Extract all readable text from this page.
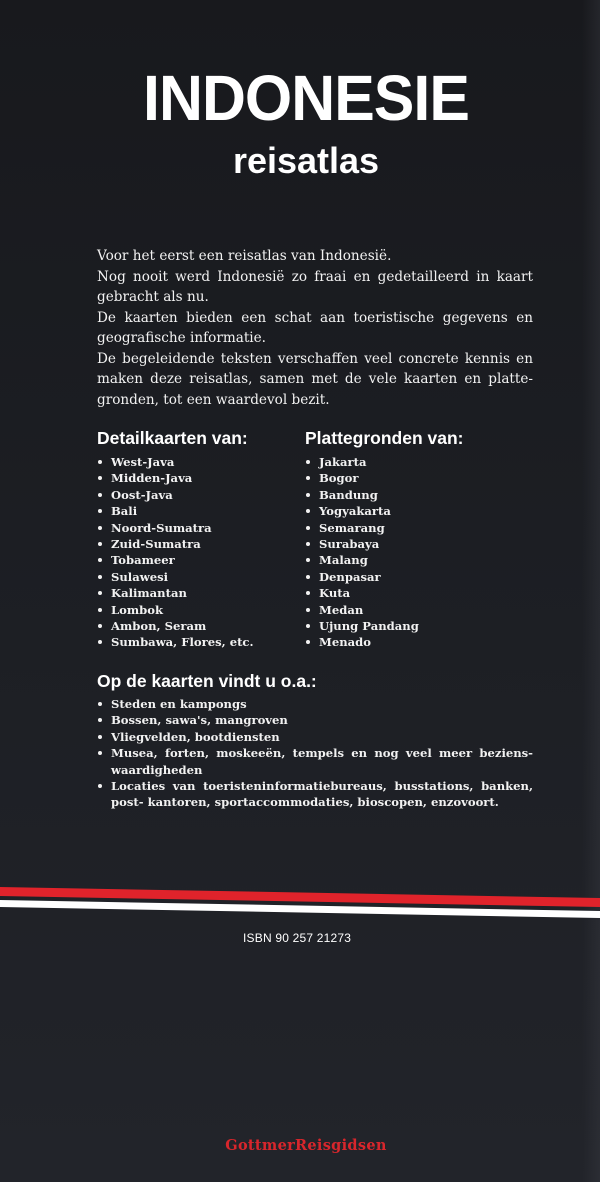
INDONESIE
reisatlas

Voor het eerst een reisatlas van Indonesië.

Nog nooit werd Indonesië zo fraai en gedetailleerd in kaart gebracht als nu.

De kaarten bieden een schat aan toeristische gegevens en geografische informatie.

De begeleidende teksten verschaffen veel concrete kennis en maken deze reisatlas, samen met de vele kaarten en platte- gronden, tot een waardevol bezit.

Detailkaarten van:
West-Java
Midden-Java
Oost-Java
Bali
Noord-Sumatra
Zuid-Sumatra
Tobameer
Sulawesi
Kalimantan
Lombok
Ambon, Seram
Sumbawa, Flores, etc.
Plattegronden van:
Jakarta
Bogor
Bandung
Yogyakarta
Semarang
Surabaya
Malang
Denpasar
Kuta
Medan
Ujung Pandang
Menado
Op de kaarten vindt u o.a.:
Steden en kampongs
Bossen, sawa's, mangroven
Vliegvelden, bootdiensten
Musea, forten, moskeeën, tempels en nog veel meer beziens- waardigheden
Locaties van toeristeninformatiebureaus, busstations, banken, post- kantoren, sportaccommodaties, bioscopen, enzovoort.
ISBN 90 257 21273
GottmerReisgidsen
